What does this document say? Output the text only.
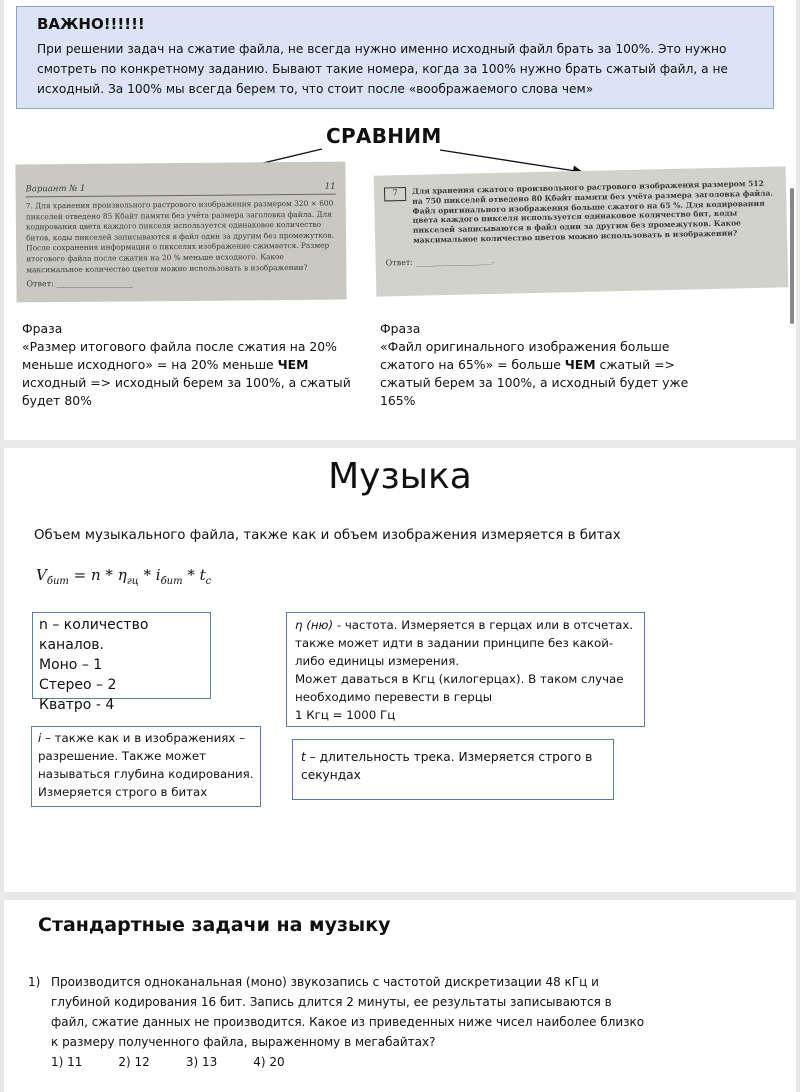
ВАЖНО!!!!!!
При решении задач на сжатие файла, не всегда нужно именно исходный файл брать за 100%. Это нужно смотреть по конкретному заданию. Бывают такие номера, когда за 100% нужно брать сжатый файл, а не исходный. За 100% мы всегда берем то, что стоит после «воображаемого слова чем»
СРАВНИМ
Вариант № 1	11
7. Для хранения произвольного растрового изображения размером 320 × 600 пикселей отведено 85 Кбайт памяти без учёта размера заголовка файла. Для кодирования цвета каждого пикселя используется одинаковое количество битов, коды пикселей записываются в файл один за другим без промежутков. После сохранения информации о пикселях изображение сжимается. Размер итогового файла после сжатия на 20 % меньше исходного. Какое максимальное количество цветов можно использовать в изображении?
Ответ: ___________________
7	Для хранения сжатого произвольного растрового изображения размером 512 на 750 пикселей отведено 80 Кбайт памяти без учёта размера заголовка файла. Файл оригинального изображения больше сжатого на 65 %. Для кодирования цвета каждого пикселя используется одинаковое количество бит, коды пикселей записываются в файл один за другим без промежутков. Какое максимальное количество цветов можно использовать в изображении?
Ответ: ___________________.
Фраза
«Размер итогового файла после сжатия на 20% меньше исходного» = на 20% меньше ЧЕМ исходный => исходный берем за 100%, а сжатый будет 80%
Фраза
«Файл оригинального изображения больше сжатого на 65%» = больше ЧЕМ сжатый => сжатый берем за 100%, а исходный будет уже 165%
Музыка
Объем музыкального файла, также как и объем изображения измеряется в битах
$V_{бит} = n * \eta_{гц} * i_{бит} * t_с$
n – количество каналов.
Моно – 1
Стерео – 2
Кватро - 4
η (ню) - частота. Измеряется в герцах или в отсчетах. также может идти в задании принципе без какой-либо единицы измерения.
Может даваться в Кгц (килогерцах). В таком случае необходимо перевести в герцы
1 Кгц = 1000 Гц
i – также как и в изображениях – разрешение. Также может называться глубина кодирования. Измеряется строго в битах
t – длительность трека. Измеряется строго в секундах
Стандартные задачи на музыку
1) Производится одноканальная (моно) звукозапись с частотой дискретизации 48 кГц и глубиной кодирования 16 бит. Запись длится 2 минуты, ее результаты записываются в файл, сжатие данных не производится. Какое из приведенных ниже чисел наиболее близко к размеру полученного файла, выраженному в мегабайтах?
1) 11	2) 12	3) 13	4) 20
